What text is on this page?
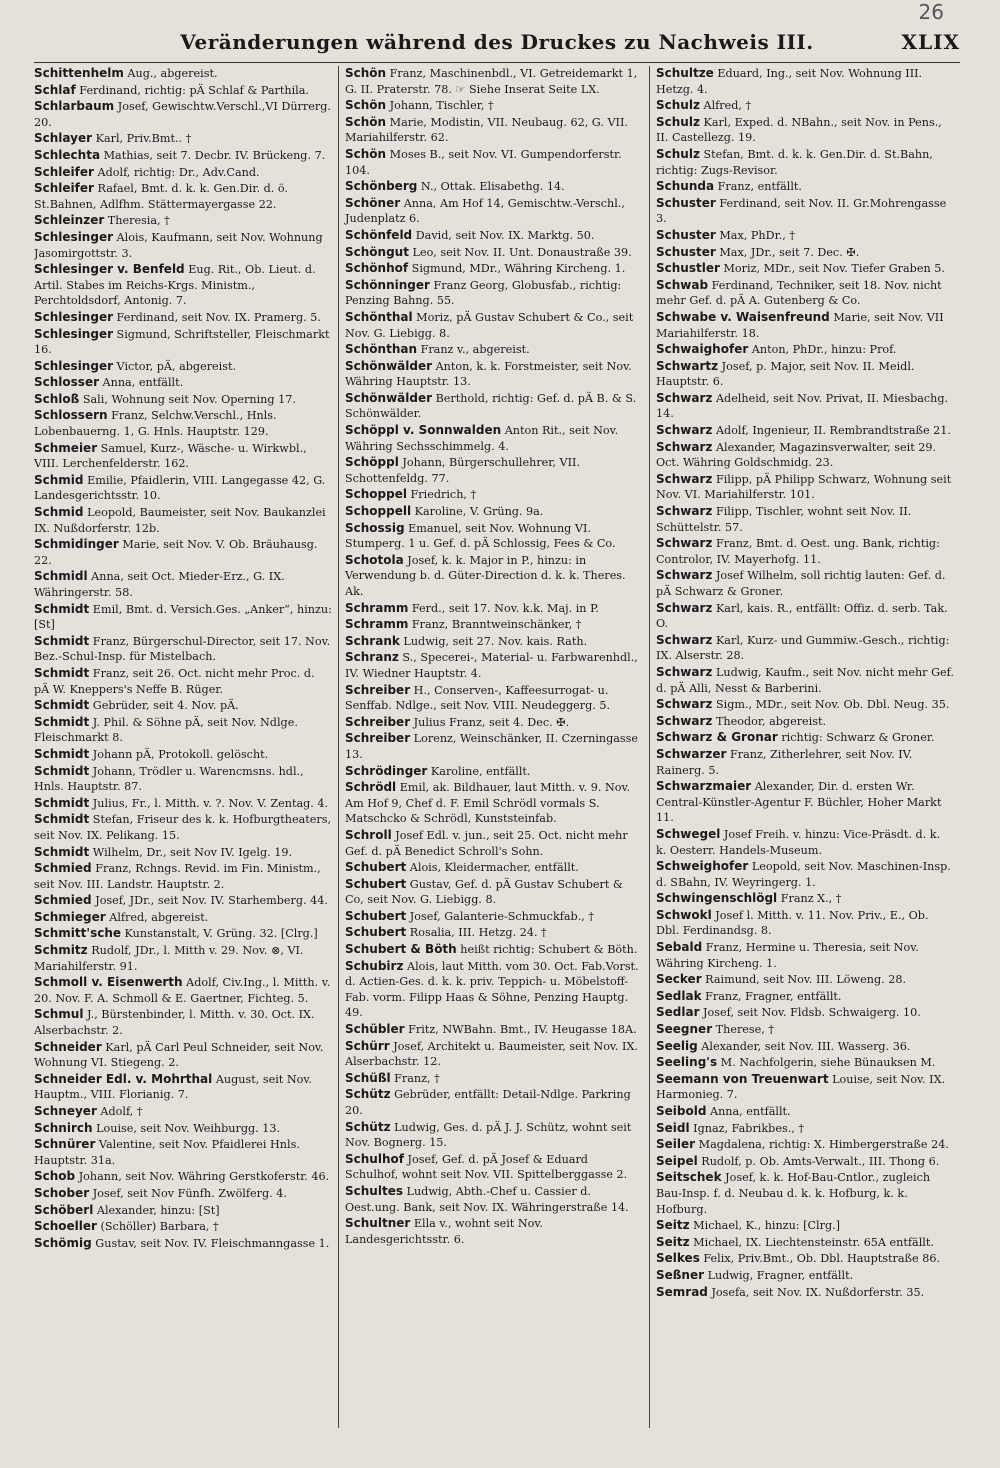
26
Veränderungen während des Druckes zu Nachweis III.	XLIX
Schittenhelm Aug., abgereist.
Schlaf Ferdinand, richtig: pÄ Schlaf & Parthila.
Schlarbaum Josef, Gewischtw.Verschl.,VI Dürrerg. 20.
Schlayer Karl, Priv.Bmt.. †
Schlechta Mathias, seit 7. Decbr. IV. Brückeng. 7.
Schleifer Adolf, richtig: Dr., Adv.Cand.
Schleifer Rafael, Bmt. d. k. k. Gen.Dir. d. ö. St.Bahnen, Adlfhm. Stättermayergasse 22.
Schleinzer Theresia, †
Schlesinger Alois, Kaufmann, seit Nov. Wohnung Jasomirgottstr. 3.
Schlesinger v. Benfeld Eug. Rit., Ob. Lieut. d. Artil. Stabes im Reichs-Krgs. Ministm., Perchtoldsdorf, Antonig. 7.
Schlesinger Ferdinand, seit Nov. IX. Pramerg. 5.
Schlesinger Sigmund, Schriftsteller, Fleischmarkt 16.
Schlesinger Victor, pÄ, abgereist.
Schlosser Anna, entfällt.
Schloß Sali, Wohnung seit Nov. Operning 17.
Schlossern Franz, Selchw.Verschl., Hnls. Lobenbauerng. 1, G. Hnls. Hauptstr. 129.
Schmeier Samuel, Kurz-, Wäsche- u. Wirkwbl., VIII. Lerchenfelderstr. 162.
Schmid Emilie, Pfaidlerin, VIII. Langegasse 42, G. Landesgerichtsstr. 10.
Schmid Leopold, Baumeister, seit Nov. Baukanzlei IX. Nußdorferstr. 12b.
Schmidinger Marie, seit Nov. V. Ob. Bräuhausg. 22.
Schmidl Anna, seit Oct. Mieder-Erz., G. IX. Währingerstr. 58.
Schmidt Emil, Bmt. d. Versich.Ges. „Anker“, hinzu: [St]
Schmidt Franz, Bürgerschul-Director, seit 17. Nov. Bez.-Schul-Insp. für Mistelbach.
Schmidt Franz, seit 26. Oct. nicht mehr Proc. d. pÄ W. Kneppers's Neffe B. Rüger.
Schmidt Gebrüder, seit 4. Nov. pÄ.
Schmidt J. Phil. & Söhne pÄ, seit Nov. Ndlge. Fleischmarkt 8.
Schmidt Johann pÄ, Protokoll. gelöscht.
Schmidt Johann, Trödler u. Warencmsns. hdl., Hnls. Hauptstr. 87.
Schmidt Julius, Fr., l. Mitth. v. ?. Nov. V. Zentag. 4.
Schmidt Stefan, Friseur des k. k. Hofburgtheaters, seit Nov. IX. Pelikang. 15.
Schmidt Wilhelm, Dr., seit Nov IV. Igelg. 19.
Schmied Franz, Rchngs. Revid. im Fin. Ministm., seit Nov. III. Landstr. Hauptstr. 2.
Schmied Josef, JDr., seit Nov. IV. Starhemberg. 44.
Schmieger Alfred, abgereist.
Schmitt'sche Kunstanstalt, V. Grüng. 32. [Clrg.]
Schmitz Rudolf, JDr., l. Mitth v. 29. Nov. ⊗, VI. Mariahilferstr. 91.
Schmoll v. Eisenwerth Adolf, Civ.Ing., l. Mitth. v. 20. Nov. F. A. Schmoll & E. Gaertner, Fichteg. 5.
Schmul J., Bürstenbinder, l. Mitth. v. 30. Oct. IX. Alserbachstr. 2.
Schneider Karl, pÄ Carl Peul Schneider, seit Nov. Wohnung VI. Stiegeng. 2.
Schneider Edl. v. Mohrthal August, seit Nov. Hauptm., VIII. Florianig. 7.
Schneyer Adolf, †
Schnirch Louise, seit Nov. Weihburgg. 13.
Schnürer Valentine, seit Nov. Pfaidlerei Hnls. Hauptstr. 31a.
Schob Johann, seit Nov. Währing Gerstkoferstr. 46.
Schober Josef, seit Nov Fünfh. Zwölferg. 4.
Schöberl Alexander, hinzu: [St]
Schoeller (Schöller) Barbara, †
Schömig Gustav, seit Nov. IV. Fleischmanngasse 1.
Schön Franz, Maschinenbdl., VI. Getreidemarkt 1, G. II. Praterstr. 78. ☞ Siehe Inserat Seite LX.
Schön Johann, Tischler, †
Schön Marie, Modistin, VII. Neubaug. 62, G. VII. Mariahilferstr. 62.
Schön Moses B., seit Nov. VI. Gumpendorferstr. 104.
Schönberg N., Ottak. Elisabethg. 14.
Schöner Anna, Am Hof 14, Gemischtw.-Verschl., Judenplatz 6.
Schönfeld David, seit Nov. IX. Marktg. 50.
Schöngut Leo, seit Nov. II. Unt. Donaustraße 39.
Schönhof Sigmund, MDr., Währing Kircheng. 1.
Schönninger Franz Georg, Globusfab., richtig: Penzing Bahng. 55.
Schönthal Moriz, pÄ Gustav Schubert & Co., seit Nov. G. Liebigg. 8.
Schönthan Franz v., abgereist.
Schönwälder Anton, k. k. Forstmeister, seit Nov. Währing Hauptstr. 13.
Schönwälder Berthold, richtig: Gef. d. pÄ B. & S. Schönwälder.
Schöppl v. Sonnwalden Anton Rit., seit Nov. Währing Sechsschimmelg. 4.
Schöppl Johann, Bürgerschullehrer, VII. Schottenfeldg. 77.
Schoppel Friedrich, †
Schoppell Karoline, V. Grüng. 9a.
Schossig Emanuel, seit Nov. Wohnung VI. Stumperg. 1 u. Gef. d. pÄ Schlossig, Fees & Co.
Schotola Josef, k. k. Major in P., hinzu: in Verwendung b. d. Güter-Direction d. k. k. Theres. Ak.
Schramm Ferd., seit 17. Nov. k.k. Maj. in P.
Schramm Franz, Branntweinschänker, †
Schrank Ludwig, seit 27. Nov. kais. Rath.
Schranz S., Specerei-, Material- u. Farbwarenhdl., IV. Wiedner Hauptstr. 4.
Schreiber H., Conserven-, Kaffeesurrogat- u. Senffab. Ndlge., seit Nov. VIII. Neudeggerg. 5.
Schreiber Julius Franz, seit 4. Dec. ✠.
Schreiber Lorenz, Weinschänker, II. Czerningasse 13.
Schrödinger Karoline, entfällt.
Schrödl Emil, ak. Bildhauer, laut Mitth. v. 9. Nov. Am Hof 9, Chef d. F. Emil Schrödl vormals S. Matschcko & Schrödl, Kunststeinfab.
Schroll Josef Edl. v. jun., seit 25. Oct. nicht mehr Gef. d. pÄ Benedict Schroll's Sohn.
Schubert Alois, Kleidermacher, entfällt.
Schubert Gustav, Gef. d. pÄ Gustav Schubert & Co, seit Nov. G. Liebigg. 8.
Schubert Josef, Galanterie-Schmuckfab., †
Schubert Rosalia, III. Hetzg. 24. †
Schubert & Böth heißt richtig: Schubert & Böth.
Schubirz Alois, laut Mitth. vom 30. Oct. Fab.Vorst. d. Actien-Ges. d. k. k. priv. Teppich- u. Möbelstoff-Fab. vorm. Filipp Haas & Söhne, Penzing Hauptg. 49.
Schübler Fritz, NWBahn. Bmt., IV. Heugasse 18A.
Schürr Josef, Architekt u. Baumeister, seit Nov. IX. Alserbachstr. 12.
Schüßl Franz, †
Schütz Gebrüder, entfällt: Detail-Ndlge. Parkring 20.
Schütz Ludwig, Ges. d. pÄ J. J. Schütz, wohnt seit Nov. Bognerg. 15.
Schulhof Josef, Gef. d. pÄ Josef & Eduard Schulhof, wohnt seit Nov. VII. Spittelberggasse 2.
Schultes Ludwig, Abth.-Chef u. Cassier d. Oest.ung. Bank, seit Nov. IX. Währingerstraße 14.
Schultner Ella v., wohnt seit Nov. Landesgerichtsstr. 6.
Schultze Eduard, Ing., seit Nov. Wohnung III. Hetzg. 4.
Schulz Alfred, †
Schulz Karl, Exped. d. NBahn., seit Nov. in Pens., II. Castellezg. 19.
Schulz Stefan, Bmt. d. k. k. Gen.Dir. d. St.Bahn, richtig: Zugs-Revisor.
Schunda Franz, entfällt.
Schuster Ferdinand, seit Nov. II. Gr.Mohrengasse 3.
Schuster Max, PhDr., †
Schuster Max, JDr., seit 7. Dec. ✠.
Schustler Moriz, MDr., seit Nov. Tiefer Graben 5.
Schwab Ferdinand, Techniker, seit 18. Nov. nicht mehr Gef. d. pÄ A. Gutenberg & Co.
Schwabe v. Waisenfreund Marie, seit Nov. VII Mariahilferstr. 18.
Schwaighofer Anton, PhDr., hinzu: Prof.
Schwartz Josef, p. Major, seit Nov. II. Meidl. Hauptstr. 6.
Schwarz Adelheid, seit Nov. Privat, II. Miesbachg. 14.
Schwarz Adolf, Ingenieur, II. Rembrandtstraße 21.
Schwarz Alexander, Magazinsverwalter, seit 29. Oct. Währing Goldschmidg. 23.
Schwarz Filipp, pÄ Philipp Schwarz, Wohnung seit Nov. VI. Mariahilferstr. 101.
Schwarz Filipp, Tischler, wohnt seit Nov. II. Schüttelstr. 57.
Schwarz Franz, Bmt. d. Oest. ung. Bank, richtig: Controlor, IV. Mayerhofg. 11.
Schwarz Josef Wilhelm, soll richtig lauten: Gef. d. pÄ Schwarz & Groner.
Schwarz Karl, kais. R., entfällt: Offiz. d. serb. Tak. O.
Schwarz Karl, Kurz- und Gummiw.-Gesch., richtig: IX. Alserstr. 28.
Schwarz Ludwig, Kaufm., seit Nov. nicht mehr Gef. d. pÄ Alli, Nesst & Barberini.
Schwarz Sigm., MDr., seit Nov. Ob. Dbl. Neug. 35.
Schwarz Theodor, abgereist.
Schwarz & Gronar richtig: Schwarz & Groner.
Schwarzer Franz, Zitherlehrer, seit Nov. IV. Rainerg. 5.
Schwarzmaier Alexander, Dir. d. ersten Wr. Central-Künstler-Agentur F. Büchler, Hoher Markt 11.
Schwegel Josef Freih. v. hinzu: Vice-Präsdt. d. k. k. Oesterr. Handels-Museum.
Schweighofer Leopold, seit Nov. Maschinen-Insp. d. SBahn, IV. Weyringerg. 1.
Schwingenschlögl Franz X., †
Schwokl Josef l. Mitth. v. 11. Nov. Priv., E., Ob. Dbl. Ferdinandsg. 8.
Sebald Franz, Hermine u. Theresia, seit Nov. Währing Kircheng. 1.
Secker Raimund, seit Nov. III. Löweng. 28.
Sedlak Franz, Fragner, entfällt.
Sedlar Josef, seit Nov. Fldsb. Schwaigerg. 10.
Seegner Therese, †
Seelig Alexander, seit Nov. III. Wasserg. 36.
Seeling's M. Nachfolgerin, siehe Bünauksen M.
Seemann von Treuenwart Louise, seit Nov. IX. Harmonieg. 7.
Seibold Anna, entfällt.
Seidl Ignaz, Fabrikbes., †
Seiler Magdalena, richtig: X. Himbergerstraße 24.
Seipel Rudolf, p. Ob. Amts-Verwalt., III. Thong 6.
Seitschek Josef, k. k. Hof-Bau-Cntlor., zugleich Bau-Insp. f. d. Neubau d. k. k. Hofburg, k. k. Hofburg.
Seitz Michael, K., hinzu: [Clrg.]
Seitz Michael, IX. Liechtensteinstr. 65A entfällt.
Selkes Felix, Priv.Bmt., Ob. Dbl. Hauptstraße 86.
Seßner Ludwig, Fragner, entfällt.
Semrad Josefa, seit Nov. IX. Nußdorferstr. 35.
